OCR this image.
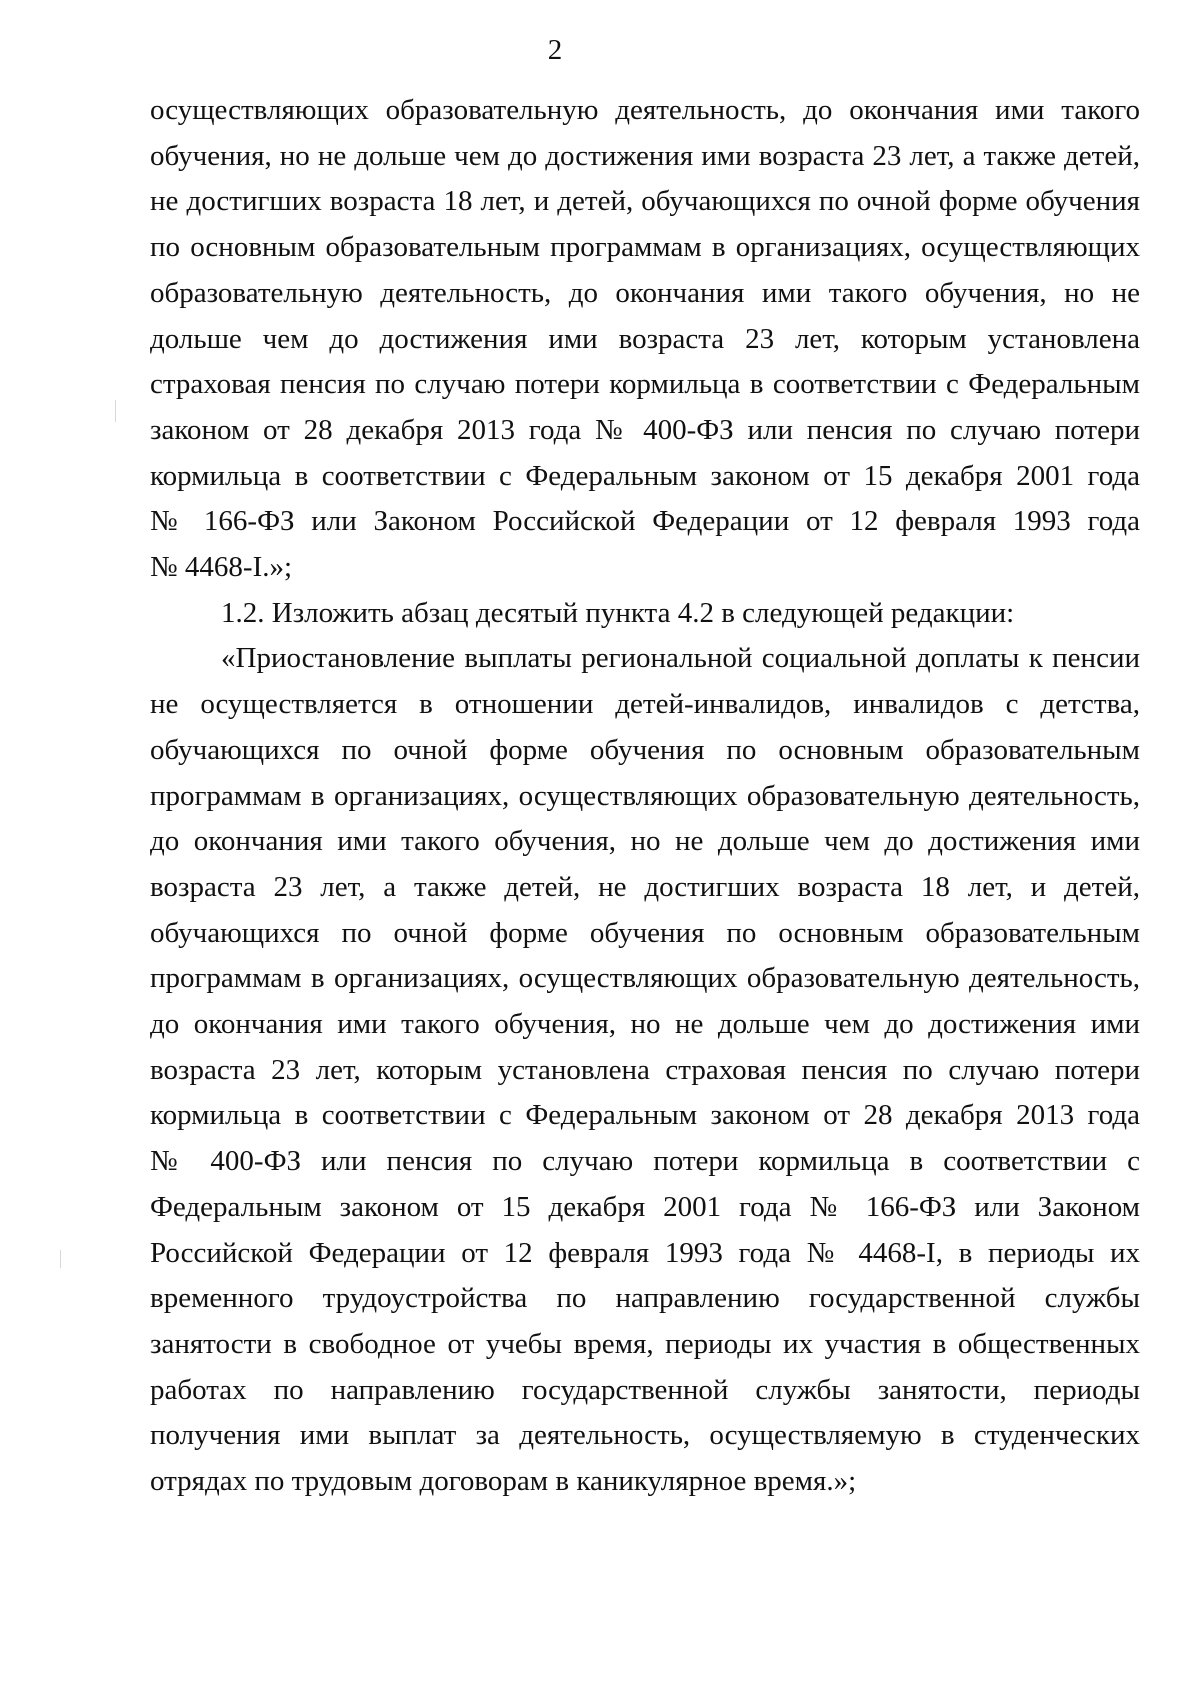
2
осуществляющих образовательную деятельность, до окончания ими такого
обучения, но не дольше чем до достижения ими возраста 23 лет, а также детей,
не достигших возраста 18 лет, и детей, обучающихся по очной форме обучения
по основным образовательным программам в организациях, осуществляющих
образовательную деятельность, до окончания ими такого обучения, но не
дольше чем до достижения ими возраста 23 лет, которым установлена
страховая пенсия по случаю потери кормильца в соответствии с Федеральным
законом от 28 декабря 2013 года № 400-ФЗ или пенсия по случаю потери
кормильца в соответствии с Федеральным законом от 15 декабря 2001 года
№ 166-ФЗ или Законом Российской Федерации от 12 февраля 1993 года
№ 4468-I.»;
1.2. Изложить абзац десятый пункта 4.2 в следующей редакции:
«Приостановление выплаты региональной социальной доплаты к пенсии
не осуществляется в отношении детей-инвалидов, инвалидов с детства,
обучающихся по очной форме обучения по основным образовательным
программам в организациях, осуществляющих образовательную деятельность,
до окончания ими такого обучения, но не дольше чем до достижения ими
возраста 23 лет, а также детей, не достигших возраста 18 лет, и детей,
обучающихся по очной форме обучения по основным образовательным
программам в организациях, осуществляющих образовательную деятельность,
до окончания ими такого обучения, но не дольше чем до достижения ими
возраста 23 лет, которым установлена страховая пенсия по случаю потери
кормильца в соответствии с Федеральным законом от 28 декабря 2013 года
№ 400-ФЗ или пенсия по случаю потери кормильца в соответствии с
Федеральным законом от 15 декабря 2001 года № 166-ФЗ или Законом
Российской Федерации от 12 февраля 1993 года № 4468-I, в периоды их
временного трудоустройства по направлению государственной службы
занятости в свободное от учебы время, периоды их участия в общественных
работах по направлению государственной службы занятости, периоды
получения ими выплат за деятельность, осуществляемую в студенческих
отрядах по трудовым договорам в каникулярное время.»;
